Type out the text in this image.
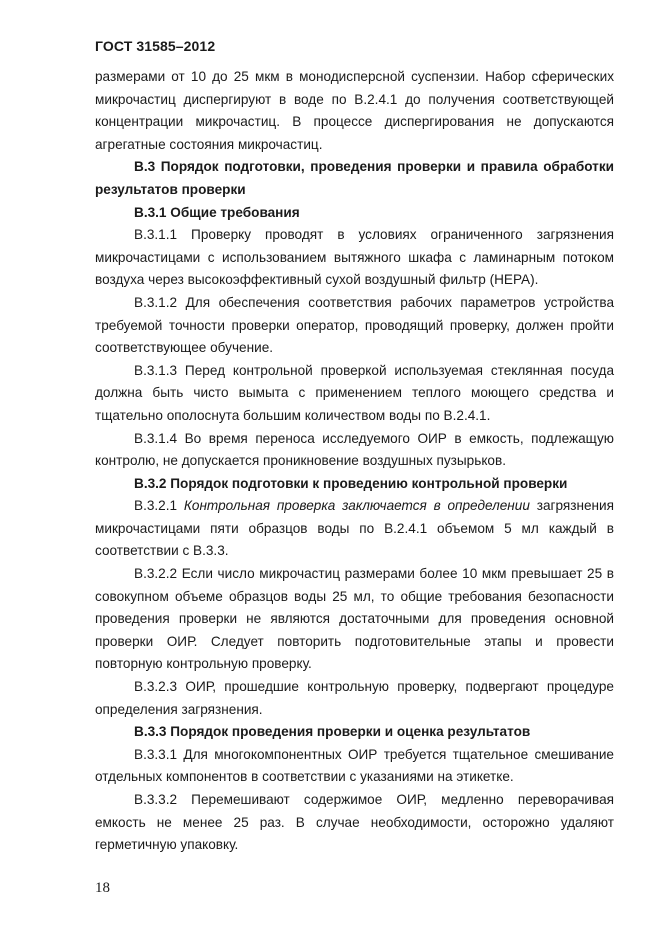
ГОСТ 31585–2012

размерами от 10 до 25 мкм в монодисперсной суспензии. Набор сферических микрочастиц диспергируют в воде по В.2.4.1 до получения соответствующей концентрации микрочастиц. В процессе диспергирования не допускаются агрегатные состояния микрочастиц.

В.3 Порядок подготовки, проведения проверки и правила обработки результатов проверки

В.3.1 Общие требования

В.3.1.1 Проверку проводят в условиях ограниченного загрязнения микрочастицами с использованием вытяжного шкафа с ламинарным потоком воздуха через высокоэффективный сухой воздушный фильтр (HEPA).

В.3.1.2 Для обеспечения соответствия рабочих параметров устройства требуемой точности проверки оператор, проводящий проверку, должен пройти соответствующее обучение.

В.3.1.3 Перед контрольной проверкой используемая стеклянная посуда должна быть чисто вымыта с применением теплого моющего средства и тщательно ополоснута большим количеством воды по В.2.4.1.

В.3.1.4 Во время переноса исследуемого ОИР в емкость, подлежащую контролю, не допускается проникновение воздушных пузырьков.

В.3.2 Порядок подготовки к проведению контрольной проверки

В.3.2.1 Контрольная проверка заключается в определении загрязнения микрочастицами пяти образцов воды по В.2.4.1 объемом 5 мл каждый в соответствии с В.3.3.

В.3.2.2 Если число микрочастиц размерами более 10 мкм превышает 25 в совокупном объеме образцов воды 25 мл, то общие требования безопасности проведения проверки не являются достаточными для проведения основной проверки ОИР. Следует повторить подготовительные этапы и провести повторную контрольную проверку.

В.3.2.3 ОИР, прошедшие контрольную проверку, подвергают процедуре определения загрязнения.

В.3.3 Порядок проведения проверки и оценка результатов

В.3.3.1 Для многокомпонентных ОИР требуется тщательное смешивание отдельных компонентов в соответствии с указаниями на этикетке.

В.3.3.2 Перемешивают содержимое ОИР, медленно переворачивая емкость не менее 25 раз. В случае необходимости, осторожно удаляют герметичную упаковку.

18
